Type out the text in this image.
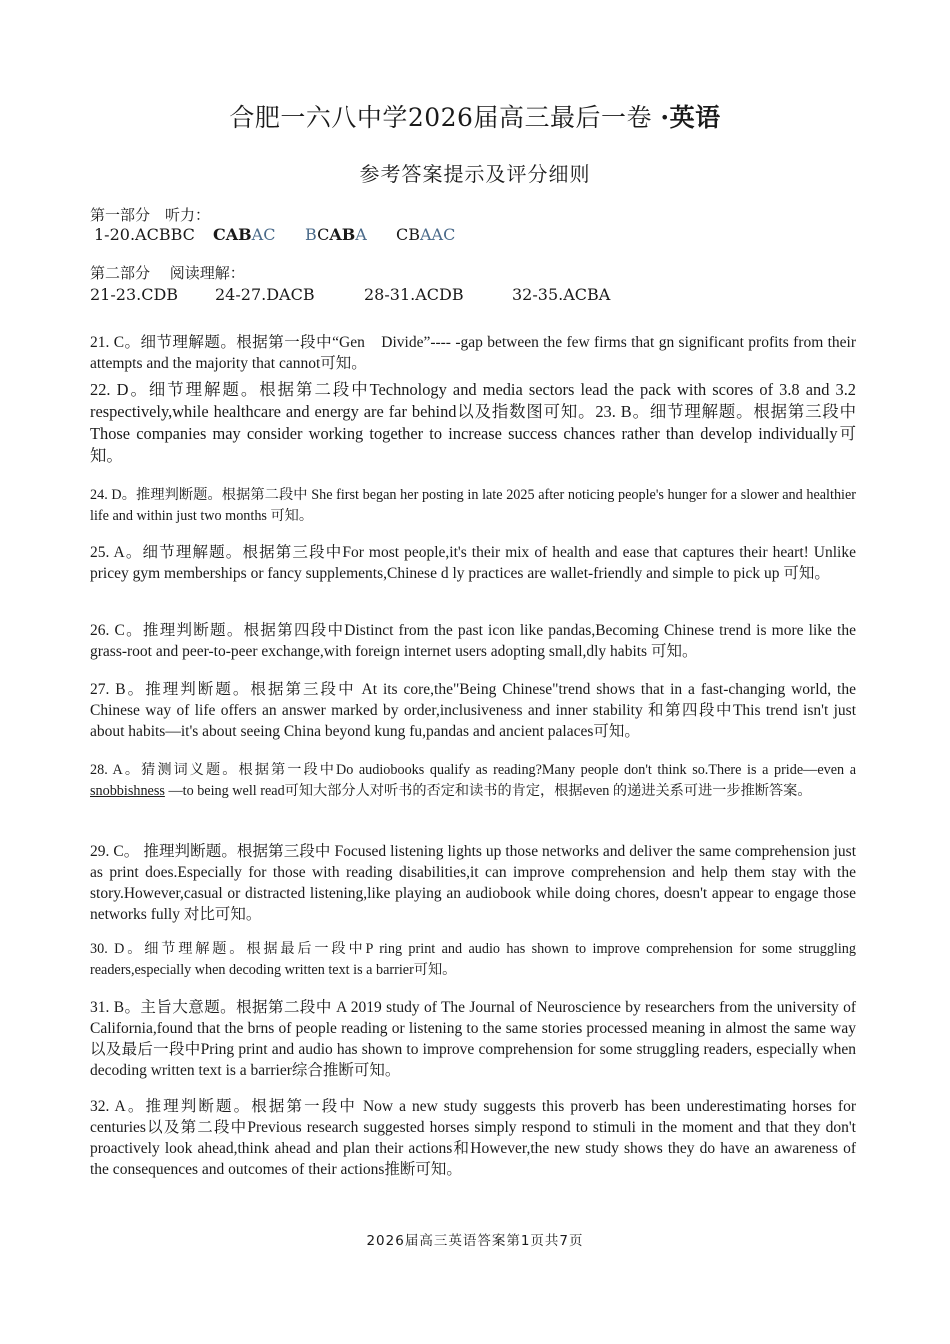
合肥一六八中学2026届高三最后一卷 ·英语
参考答案提示及评分细则
第一部分　听力：
1-20.ACBBC CABAC BCABA CBAAC
第二部分　 阅读理解：
21-23.CDB 24-27.DACB	28-31.ACDB	32-35.ACBA
21. C。细节理解题。根据第一段中“Gen　Divide”---- -gap between the few firms that gn significant profits from their attempts and the majority that cannot可知。
22. D。细节理解题。根据第二段中Technology and media sectors lead the pack with scores of 3.8 and 3.2 respectively,while healthcare and energy are far behind以及指数图可知。23. B。细节理解题。根据第三段中Those companies may consider working together to increase success chances rather than develop individually可知。
24. D。推理判断题。根据第二段中 She first began her posting in late 2025 after noticing people's hunger for a slower and healthier life and within just two months 可知。
25. A。细节理解题。根据第三段中For most people,it's their mix of health and ease that captures their heart! Unlike pricey gym memberships or fancy supplements,Chinese d ly practices are wallet-friendly and simple to pick up 可知。
26. C。推理判断题。根据第四段中Distinct from the past icon like pandas,Becoming Chinese trend is more like the grass-root and peer-to-peer exchange,with foreign internet users adopting small,dly habits 可知。
27. B。推理判断题。根据第三段中 At its core,the"Being Chinese"trend shows that in a fast-changing world, the Chinese way of life offers an answer marked by order,inclusiveness and inner stability 和第四段中This trend isn't just about habits—it's about seeing China beyond kung fu,pandas and ancient palaces可知。
28. A。猜测词义题。根据第一段中Do audiobooks qualify as reading?Many people don't think so.There is a pride—even a snobbishness —to being well read可知大部分人对听书的否定和读书的肯定，根据even 的递进关系可进一步推断答案。
29. C。 推理判断题。根据第三段中 Focused listening lights up those networks and deliver the same comprehension just as print does.Especially for those with reading disabilities,it can improve comprehension and help them stay with the story.However,casual or distracted listening,like playing an audiobook while doing chores, doesn't appear to engage those networks fully 对比可知。
30. D。细节理解题。根据最后一段中P ring print and audio has shown to improve comprehension for some struggling readers,especially when decoding written text is a barrier可知。
31. B。主旨大意题。根据第二段中 A 2019 study of The Journal of Neuroscience by researchers from the university of California,found that the brns of people reading or listening to the same stories processed meaning in almost the same way 以及最后一段中Pring print and audio has shown to improve comprehension for some struggling readers, especially when decoding written text is a barrier综合推断可知。
32. A。推理判断题。根据第一段中 Now a new study suggests this proverb has been underestimating horses for centuries以及第二段中Previous research suggested horses simply respond to stimuli in the moment and that they don't proactively look ahead,think ahead and plan their actions和However,the new study shows they do have an awareness of the consequences and outcomes of their actions推断可知。
2026届高三英语答案第1页共7页
